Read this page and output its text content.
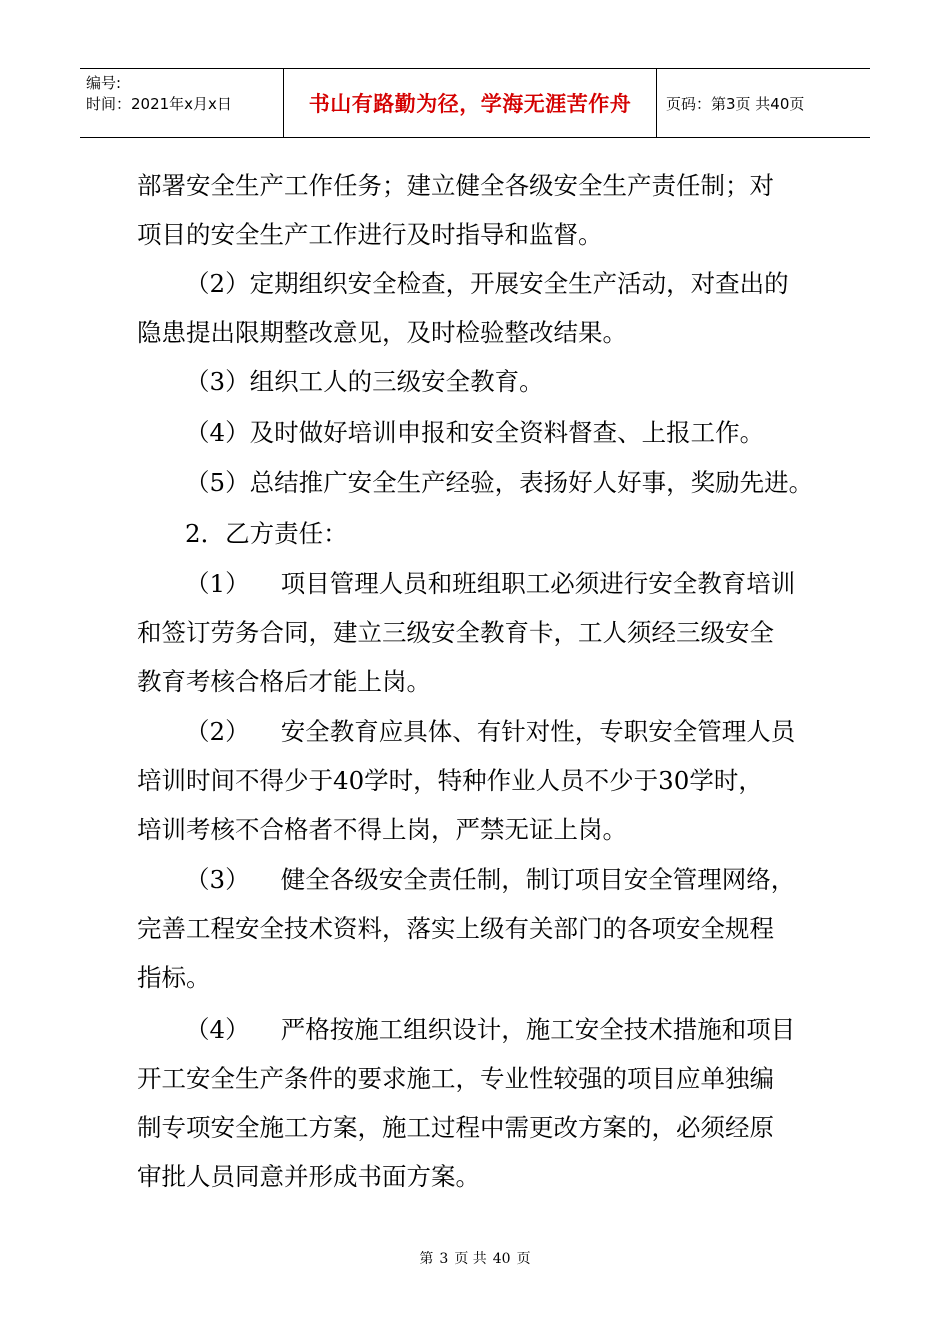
编号:
时间：2021年x月x日	书山有路勤为径，学海无涯苦作舟	页码：第3页 共40页
部署安全生产工作任务；建立健全各级安全生产责任制；对
项目的安全生产工作进行及时指导和监督。
（2）定期组织安全检查，开展安全生产活动，对查出的
隐患提出限期整改意见，及时检验整改结果。
（3）组织工人的三级安全教育。
（4）及时做好培训申报和安全资料督查、上报工作。
（5）总结推广安全生产经验，表扬好人好事，奖励先进。
2．乙方责任：
（1）    项目管理人员和班组职工必须进行安全教育培训
和签订劳务合同，建立三级安全教育卡，工人须经三级安全
教育考核合格后才能上岗。
（2）    安全教育应具体、有针对性，专职安全管理人员
培训时间不得少于40学时，特种作业人员不少于30学时，
培训考核不合格者不得上岗，严禁无证上岗。
（3）    健全各级安全责任制，制订项目安全管理网络，
完善工程安全技术资料，落实上级有关部门的各项安全规程
指标。
（4）    严格按施工组织设计，施工安全技术措施和项目
开工安全生产条件的要求施工，专业性较强的项目应单独编
制专项安全施工方案，施工过程中需更改方案的，必须经原
审批人员同意并形成书面方案。
第 3 页 共 40 页
